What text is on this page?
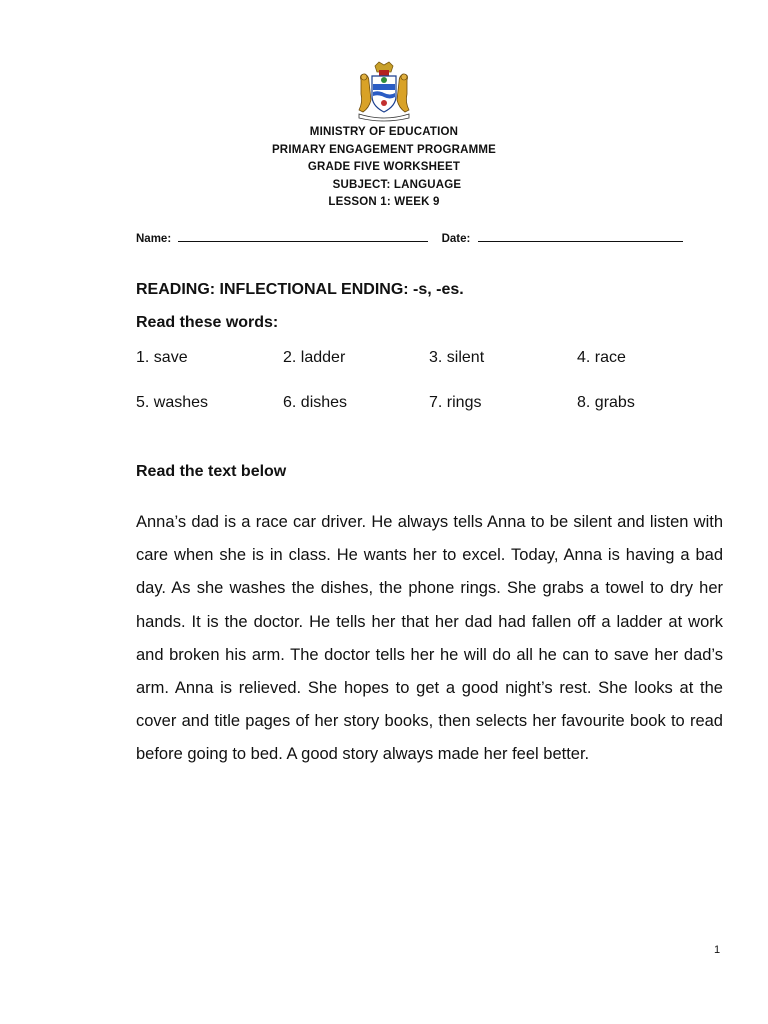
MINISTRY OF EDUCATION
PRIMARY ENGAGEMENT PROGRAMME
GRADE FIVE WORKSHEET
SUBJECT: LANGUAGE
LESSON 1: WEEK 9
Name:	Date:
READING: INFLECTIONAL ENDING: -s, -es.
Read these words:
1. save	2. ladder	3. silent	4. race
5. washes	6. dishes	7. rings	8. grabs
Read the text below

Anna’s dad is a race car driver. He always tells Anna to be silent and listen with care when she is in class. He wants her to excel. Today, Anna is having a bad day. As she washes the dishes, the phone rings. She grabs a towel to dry her hands. It is the doctor. He tells her that her dad had fallen off a ladder at work and broken his arm. The doctor tells her he will do all he can to save her dad’s arm. Anna is relieved. She hopes to get a good night’s rest. She looks at the cover and title pages of her story books, then selects her favourite book to read before going to bed. A good story always made her feel better.

1
